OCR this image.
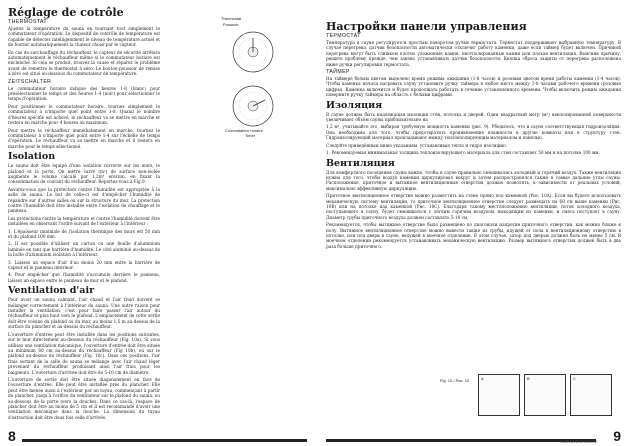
Réglage de cotrôle
THERMOSTAT

Ajustez la température du sauna en tournant tout simplement le commutateur d'opération. Le dispositif de contrôle de température est capable de détecter intelligemment le niveau de température actuel et de fournir automatiquement la chaleur choisi par le capteur.

En cas de surchauffage du réchauffeur, le capteur de sécurité arrêtera automatiquement le réchauffeur même si le commutateur horaire est enclenché. Si cela se produit, trouvez la cause et réparez le problème avant de remettre le thermostat à zéro. Le bouton-poussoir de remise à zéro est situé au-dessous du commutateur de température.

ZEITSCHALTER

Le commutateur horaire indique des heures 1-8 (blanc) pour présélectionner le temps et des heures 1-4 (noir) pour sélectionner le temps d'opération.

Pour positionner le commutateur horaire, tournez simplement le commutateur à n'importe quel point entre 1-8. Quand le nombre d'heures spécifié est achevé, le réchauffeur va se mettre en marche et restera en marche pour 4 heures au maximum.

Pour mettre le réchauffeur immédiatement en marche, tournez le commutateur à n'importe quel point entre 1-4 sur l'échelle de temps d'opération. Le réchauffeur va se mettre en marche et il restera en marche pour le temps sélectionné.

Isolation

Le sauna doit être équipé d'une isolation correcte sur les murs, le plafond et la porte. On mètre carré (m²) de surface non-isolée augmente le volume calculé par 1,2m³ environ, en fixant la consommation de courant du réchauffeur. Reportez-vous à Fig.9.

Assurez-vous que la protection contre l'humidité est appropriée à la salle de sauna. Le but de celle-ci est d'empêcher l'humidité de répandre sur d'autres salles ou sur la structure du mur. La protection contre l'humidité doit être installée entre l'isolation de chauffage et le panneau.

Les protections contre la température et contre l'humidité doivent être installées en observant l'ordre suivant de l'extérieur à l'intérieur :

1. L'épaisseur minimale de l'isolation thermique des murs est 50 mm et du plafond 100 mm.

2. Il est possible d'utiliser un carton ou une feuille d'aluminium laminée en tant que barrière d'humidité. Le côté aluminié au-dessus de la boîte d'aluminium isolation à l'intérieur.

3. Laissez un espace d'air d'au moins 20 mm entre la barrière de vapeur et le panneau intérieur.

4. Pour empêcher que l'humidité s'accumule derrière le panneau, laissez un espace entre le panneau de mur et le plafond.

Ventilation d'air

Pour avoir un sauna calmant, l'air chaud et l'air froid doivent se mélanger correctement à l'intérieur du sauna. Une autre raison pour installer la ventilation, c'est pour faire passer l'air autour du réchauffeur et plus haut vers le plafond. L'emplacement de cette sortie doit être voisine du plafond ou du mur, au moins 1,5 m au-dessus de la surface du plancher et au-dessus du réchauffeur.

L'ouverture d'entrée peut être installée dans les positions suivantes, sur le mur directement au-dessous du réchauffeur (Fig. 10a). Si vous utilisez une ventilation mécanique, l'ouverture d'entrée doit être située au minimum 60 cm au-dessus du réchauffeur (Fig 10b), ou sur le plafond au-dessus du réchauffeur (Fig. 10c). Dans ces positions, l'air frais sortant de la salle du sauna se mélange avec l'air chaud léger provenant du réchauffeur produisant ainsi l'air frais pour les baigneurs. L'ouverture d'arrivée doit être de 5-10 cm de diamètre.

L'ouverture de sortie doit être située diagonalement en face de l'ouverture d'entrée. Elle peut être installée près du plancher. Elle peut être menée aussi à l'extérieur par un tuyau, commençant à partir du plancher, jusqu'à l'orifice du ventilateur sur le plafond du sauna, ou au-dessous de la porte (vers la douche). Dans ce cas-là, l'espace de plancher doit être au moins de 5 cm et il est recommandé d'avoir une ventilation mécanique dans la douche. La dimension du tuyau d'extraction doit être deux fois celle d'arrivée.

Thermostat
Poussoir
Commutateur horaire
Timer
8
Настройки панели управления
ТЕРМОСТАТ

Температура в сауне регулируется простым поворотом ручки термостата. Термостат поддерживает выбранную температуру. В случае перегрева, датчик безопасности автоматически отключит работу каменки, даже если таймер будет включен. Причиной перегрева могут быть слишком плотно уложенные камни, неотполированные камни или плохая вентиляция. Выяснив причину, решите проблему прежде, чем заново устанавливать датчик безопасности. Кнопка сброса защиты от перегрева расположена ниже ручки регулировки термостата.

ТАЙМЕР

На таймере белым цветом выделено время режима ожидания (1-8 часов) и розовым цветом время работы каменки (1-4 часов). Чтобы каменка начала нагревать сауну установите ручку таймера в любое место между 1-8 часами рабочего времени (розовые цифры). Каменка включится и будет продолжать работать в течение установленного времени. Чтобы включить режим ожидания поверните ручку таймера на область с белыми цифрами.

Изоляция

В сауне должна быть надлежащая изоляция стен, потолка и дверей. Один квадратный метр (м²) неизолированной поверхности увеличивает объём сауны приблизительно на

1,2 м³, учитывайте это, выбирая требуемую мощность каменки (рис. 9). Убедитесь, что в сауне соответствующая гидроизоляция. Она необходима для того, чтобы предотвратить проникновение влажности в другие комнаты или в структуру стен. Гидроизолирующий материал прокладывают между теплоизолирующим материалом и панелью.

Следуйте приведённым ниже указаниям, устанавливая тепло и гидро изоляцию.

1. Рекомендуемая минимальная толщина теплоизолирующего материала для стен составляет 50 мм и на потолке 100 мм.

Вентиляция

Для комфортного посещения сауны важно, чтобы в сауне правильно смешивались холодный и горячий воздух. Также вентиляция нужна для того, чтобы воздух каменки циркулировал вокруг и затем распространялся также в самые дальние углы сауны. Расположение, приточное и вытяжное вентиляционные отверстия должно позволять, в зависимости от реальных условий, максимально эффективную циркуляцию.

Приточное вентиляционное отверстие можно разместить на стене прямо под каменкой (Рис. 10A). Если вы будете использовать механическую систему вентиляции, то приточное вентиляционное отверстие следует размещать на 60 см выше каменки (Рис. 10B) или на потолке над каменкой (Рис. 10C). Благодаря такому местоположению вентиляции, поток холодного воздуха, поступающего в сауну, будет смешиваться с лёгким горячим воздухом, выходящим из каменки, и смесь поступает в сауну. Диаметр трубы приточного воздуха должен составлять 5-10 см.

Рекомендуется, чтобы вытяжное отверстие было размещено по диагонали напротив приточного отверстия, как можно ближе к полу. Вытяжное вентиляционное отверстие можно вывести также из трубы, идущей от пола к вентиляционному отверстию в потолке, или под двери в сауне, ведущей в моечное отделение. В этом случае, зазор под дверью должен быть не менее 5 см. В моечном отделении рекомендуется устанавливать механическую вентиляцию. Размер вытяжного отверстия должен быть в два раза больше приточного.

Fig. 10 / Рис. 10	A	B	C
HARVIA ELEGANCE 9
